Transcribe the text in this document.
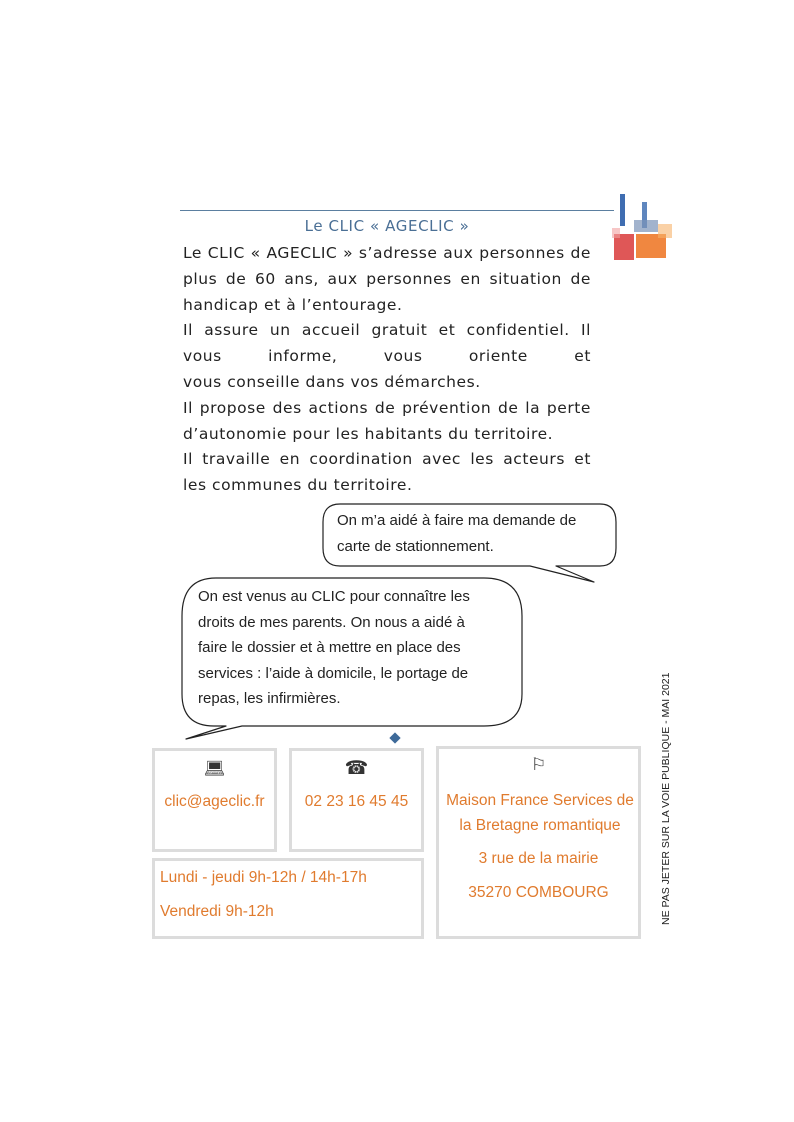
Le CLIC « AGECLIC »

Le CLIC « AGECLIC » s’adresse aux personnes de plus de 60 ans, aux personnes en situation de handicap et à l’entourage.

Il assure un accueil gratuit et confidentiel. Il vous informe, vous oriente et

vous conseille dans vos démarches.

Il propose des actions de prévention de la perte d’autonomie pour les habitants du territoire.

Il travaille en coordination avec les acteurs et les communes du territoire.

On m’a aidé à faire ma demande de carte de stationnement.
On est venus au CLIC pour connaître les droits de mes parents. On nous a aidé à faire le dossier et à mettre en place des services : l’aide à domicile, le portage de repas, les infirmières.
💻︎
clic@ageclic.fr
☎
02 23 16 45 45
⚐
Maison France Services de la Bretagne romantique
3 rue de la mairie
35270 COMBOURG
Lundi - jeudi 9h-12h / 14h-17h
Vendredi 9h-12h	NE PAS JETER SUR LA VOIE PUBLIQUE - MAI 2021
